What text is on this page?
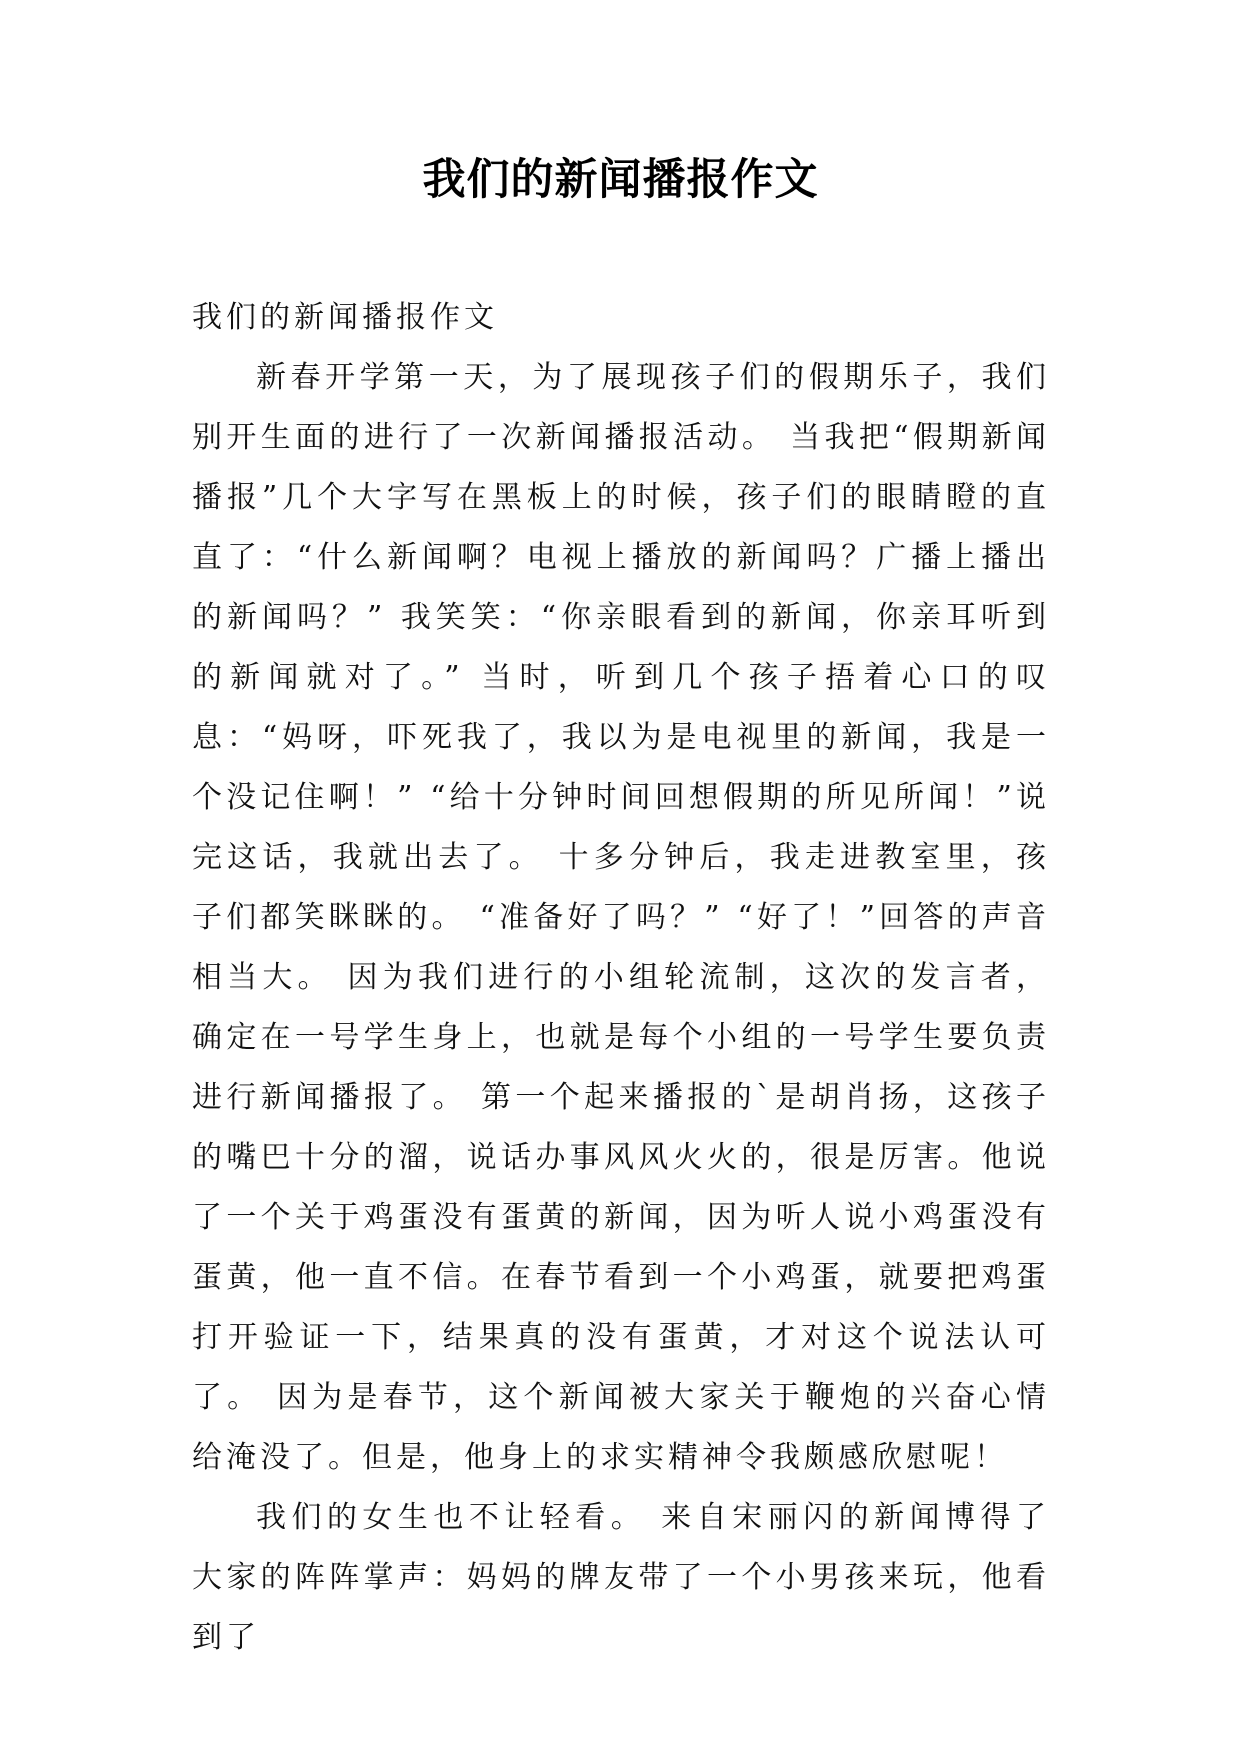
我们的新闻播报作文

我们的新闻播报作文

新春开学第一天，为了展现孩子们的假期乐子，我们别开生面的进行了一次新闻播报活动。 当我把“假期新闻播报”几个大字写在黑板上的时候，孩子们的眼睛瞪的直直了：“什么新闻啊？电视上播放的新闻吗？广播上播出的新闻吗？” 我笑笑：“你亲眼看到的新闻，你亲耳听到的新闻就对了。” 当时，听到几个孩子捂着心口的叹息：“妈呀，吓死我了，我以为是电视里的新闻，我是一个没记住啊！” “给十分钟时间回想假期的所见所闻！”说完这话，我就出去了。 十多分钟后，我走进教室里，孩子们都笑眯眯的。 “准备好了吗？” “好了！”回答的声音相当大。 因为我们进行的小组轮流制，这次的发言者，确定在一号学生身上，也就是每个小组的一号学生要负责进行新闻播报了。 第一个起来播报的`是胡肖扬，这孩子的嘴巴十分的溜，说话办事风风火火的，很是厉害。他说了一个关于鸡蛋没有蛋黄的新闻，因为听人说小鸡蛋没有蛋黄，他一直不信。在春节看到一个小鸡蛋，就要把鸡蛋打开验证一下，结果真的没有蛋黄，才对这个说法认可了。 因为是春节，这个新闻被大家关于鞭炮的兴奋心情给淹没了。但是，他身上的求实精神令我颇感欣慰呢！

我们的女生也不让轻看。 来自宋丽闪的新闻博得了大家的阵阵掌声：妈妈的牌友带了一个小男孩来玩，他看到了
